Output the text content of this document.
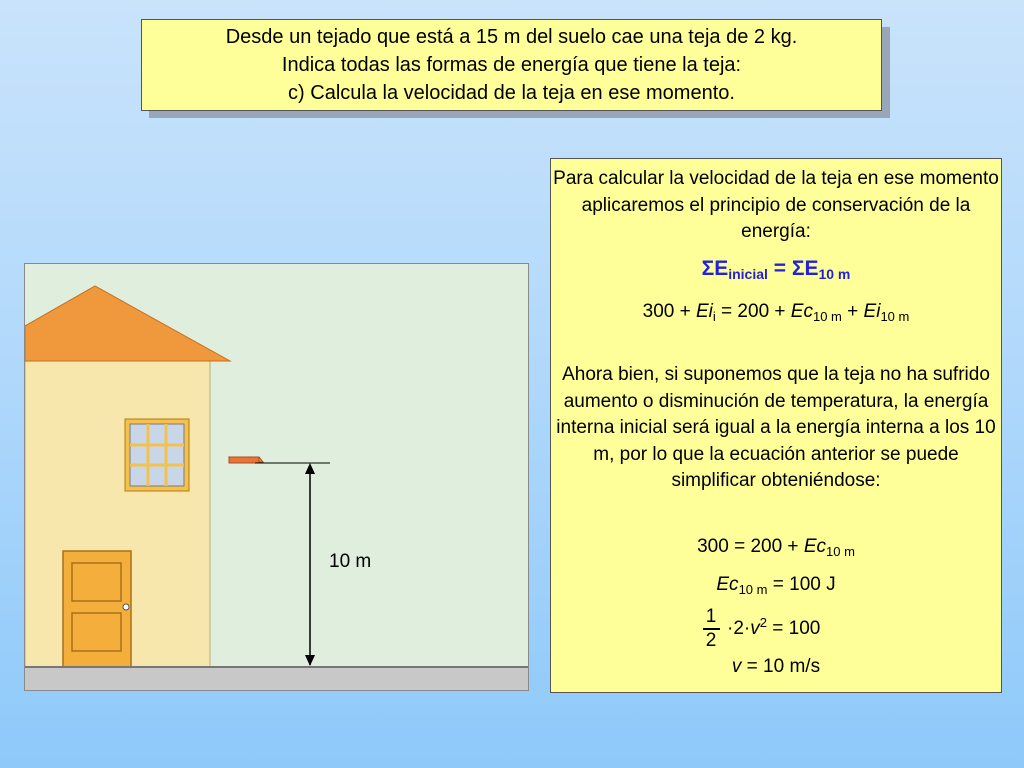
Desde un tejado que está a 15 m del suelo cae una teja de 2 kg.
Indica todas las formas de energía que tiene la teja:
c) Calcula la velocidad de la teja en ese momento.
10 m
Para calcular la velocidad de la teja en ese momento aplicaremos el principio de conservación de la energía:
$\Sigma E_{inicial} = \Sigma E_{10 m}$
$300 + Ei_i = 200 + Ec_{10 m} + Ei_{10 m}$
Ahora bien, si suponemos que la teja no ha sufrido aumento o disminución de temperatura, la energía interna inicial será igual a la energía interna a los 10 m, por lo que la ecuación anterior se puede simplificar obteniéndose:
$300 = 200 + Ec_{10 m}$
$Ec_{10 m} = 100$ J
1
2
$\cdot 2\cdot v^2 = 100$
v = 10 m/s
